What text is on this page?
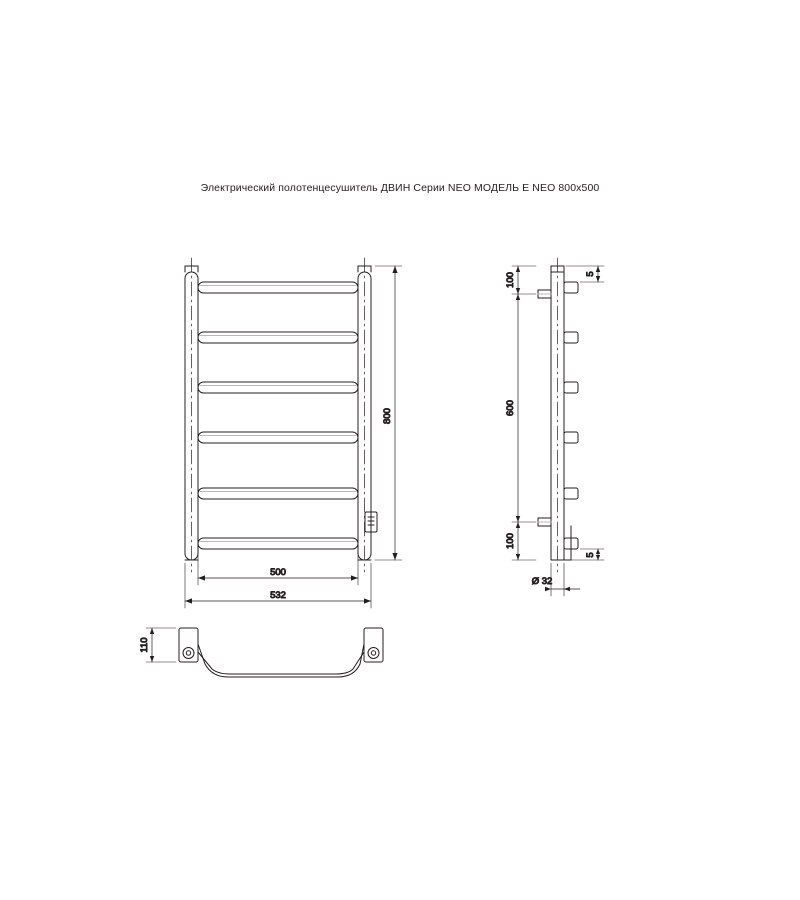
Электрический полотенцесушитель ДВИН Серии NEO МОДЕЛЬ E NEO 800x500
800
500
532
5
100
600
100
5
Ø 32
110
